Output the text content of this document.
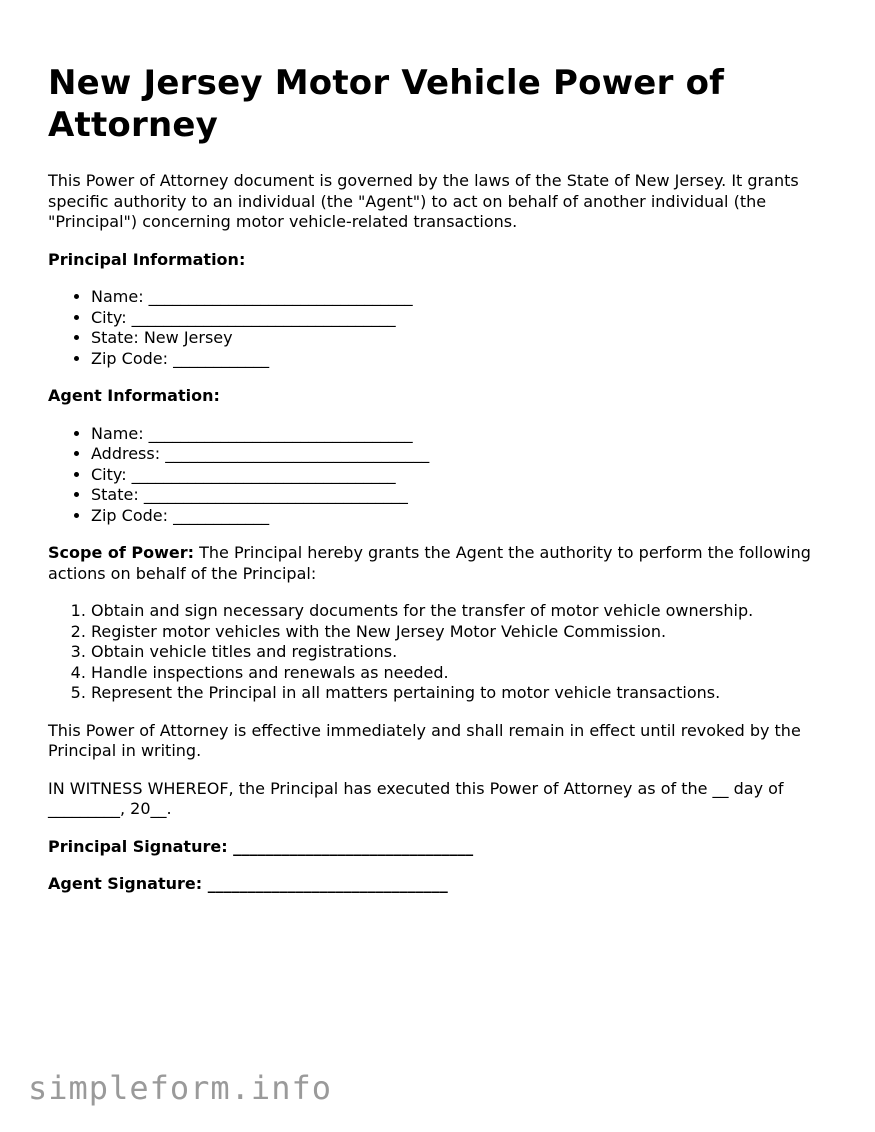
New Jersey Motor Vehicle Power of Attorney

This Power of Attorney document is governed by the laws of the State of New Jersey. It grants specific authority to an individual (the "Agent") to act on behalf of another individual (the "Principal") concerning motor vehicle-related transactions.

Principal Information:

• Name: _________________________________
• City: _________________________________
• State: New Jersey
• Zip Code: ____________

Agent Information:

• Name: _________________________________
• Address: _________________________________
• City: _________________________________
• State: _________________________________
• Zip Code: ____________

Scope of Power: The Principal hereby grants the Agent the authority to perform the following actions on behalf of the Principal:

1. Obtain and sign necessary documents for the transfer of motor vehicle ownership.
2. Register motor vehicles with the New Jersey Motor Vehicle Commission.
3. Obtain vehicle titles and registrations.
4. Handle inspections and renewals as needed.
5. Represent the Principal in all matters pertaining to motor vehicle transactions.

This Power of Attorney is effective immediately and shall remain in effect until revoked by the Principal in writing.

IN WITNESS WHEREOF, the Principal has executed this Power of Attorney as of the __ day of _________, 20__.

Principal Signature: ______________________________

Agent Signature: ______________________________

simpleform.info
